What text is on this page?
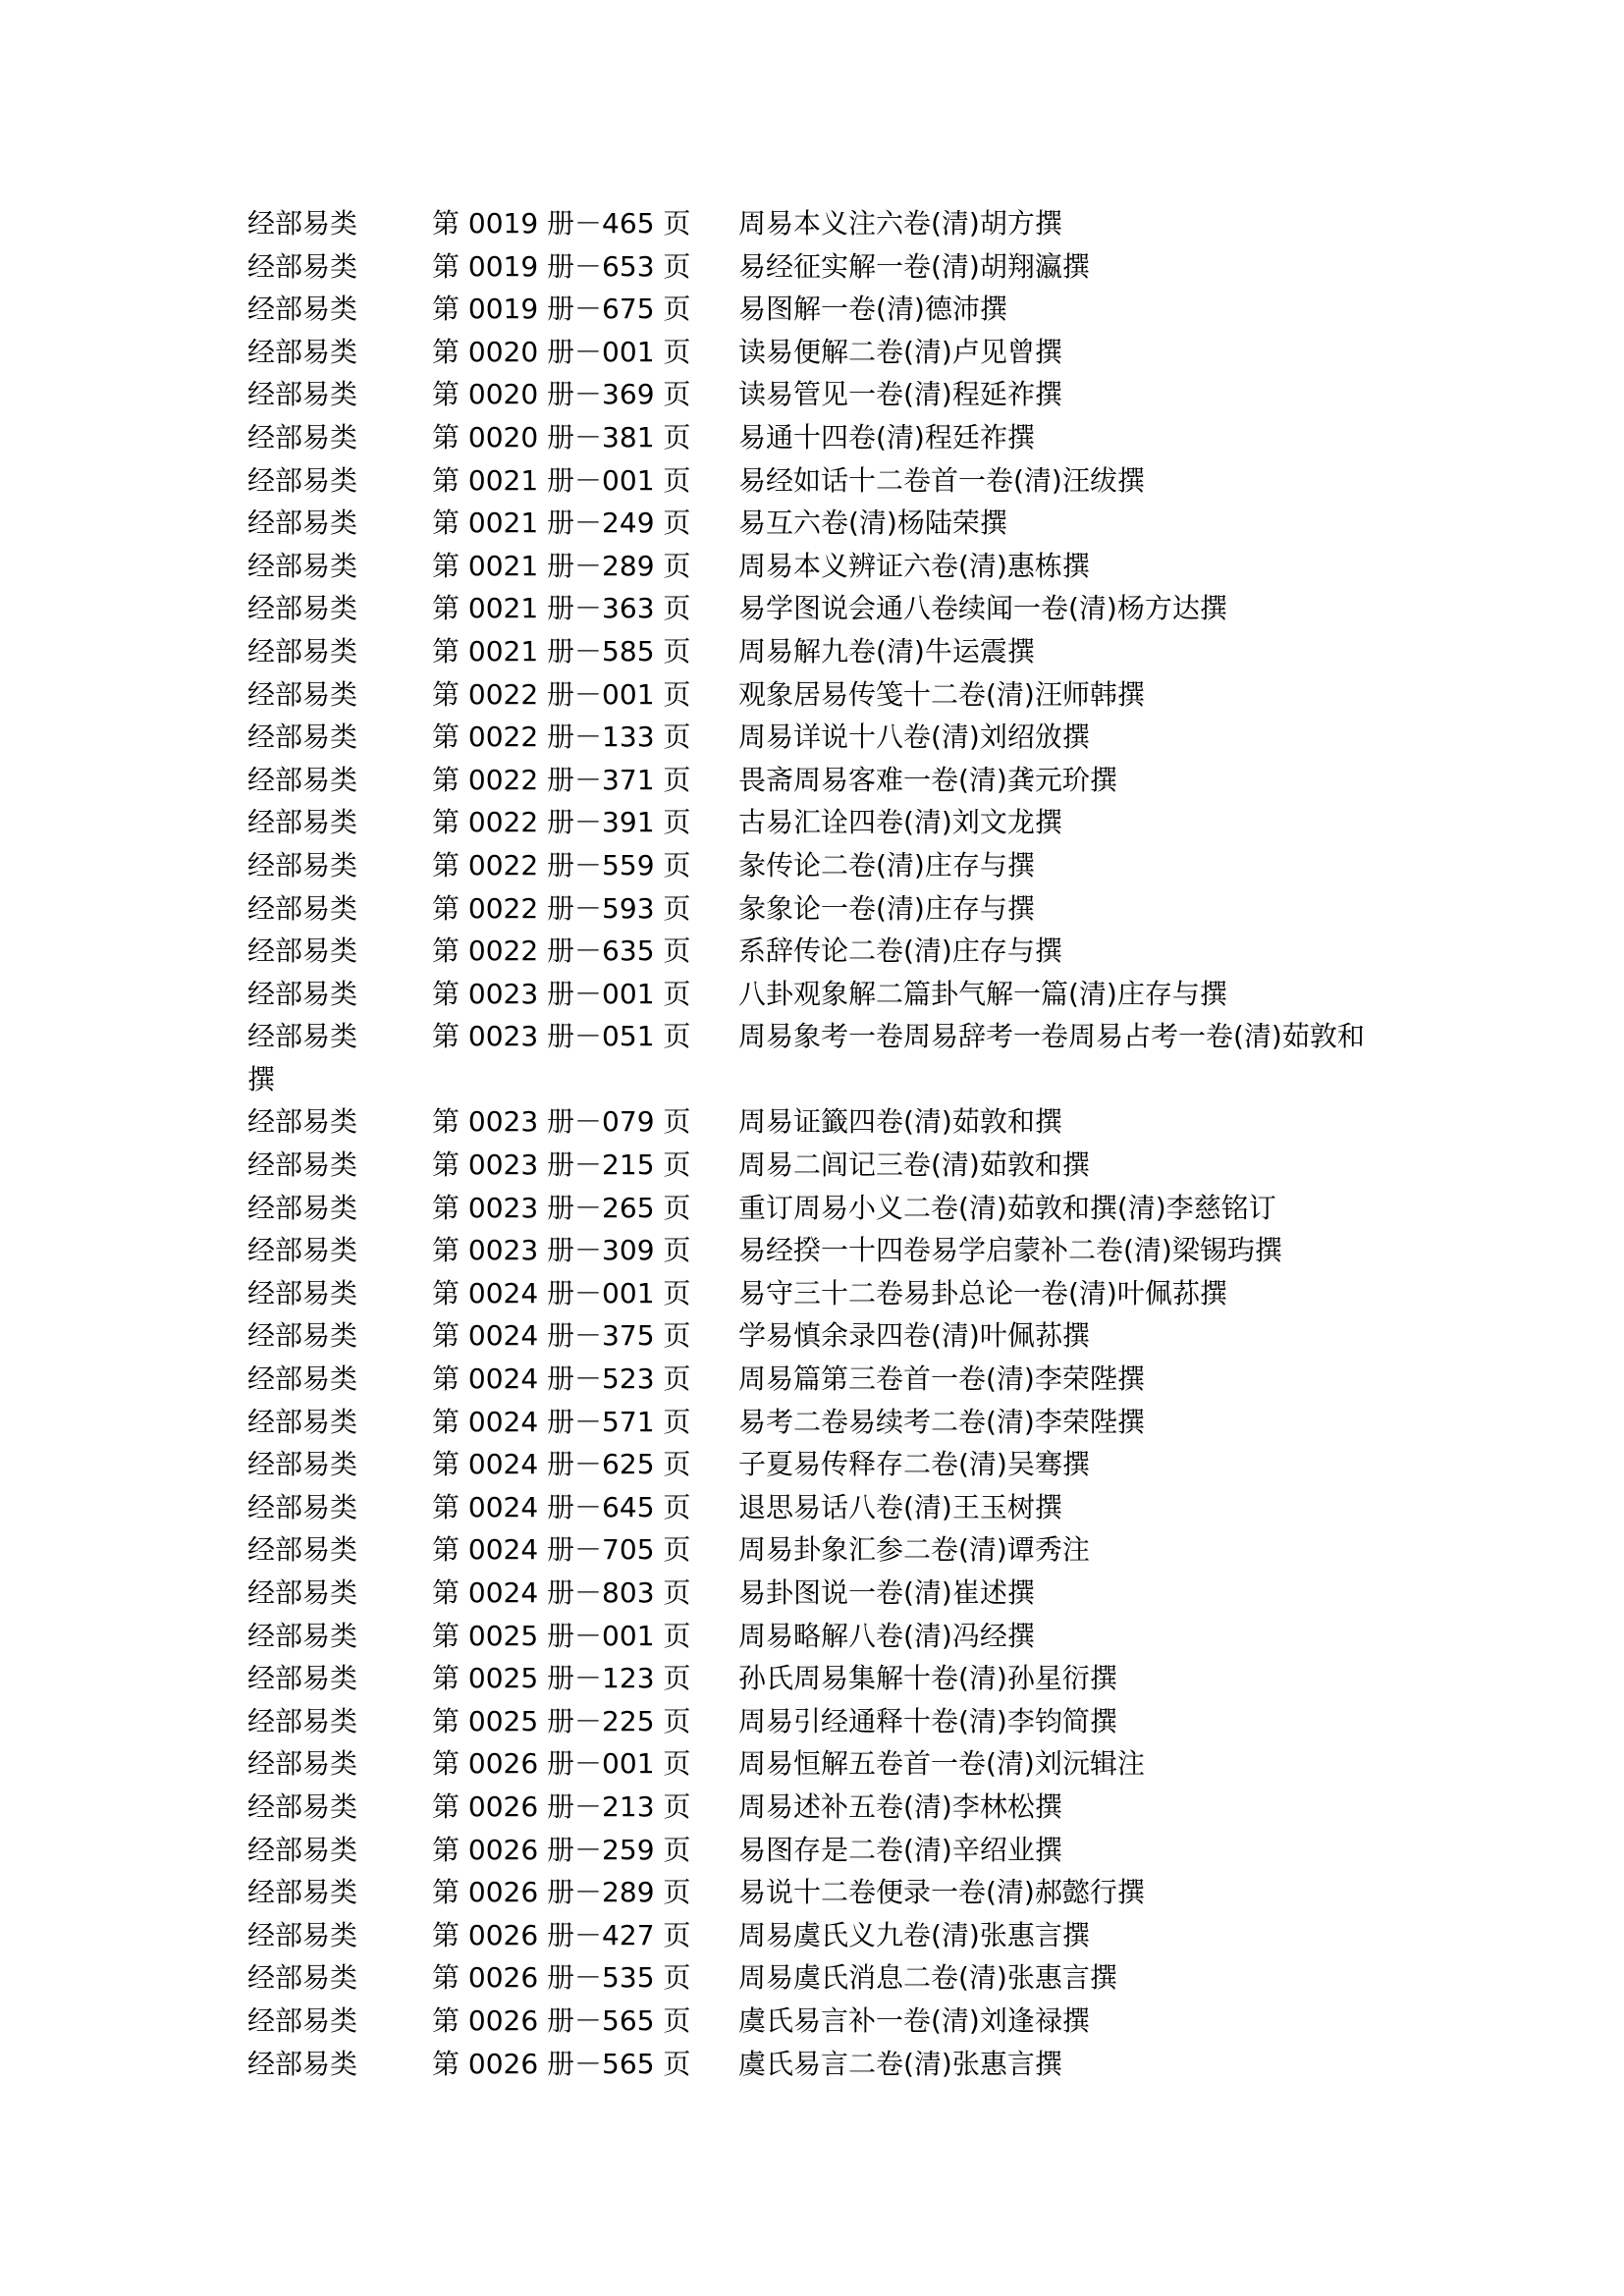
经部易类	第 0019 册－465 页 周易本义注六卷(清)胡方撰
经部易类	第 0019 册－653 页 易经征实解一卷(清)胡翔瀛撰
经部易类	第 0019 册－675 页 易图解一卷(清)德沛撰
经部易类	第 0020 册－001 页 读易便解二卷(清)卢见曾撰
经部易类	第 0020 册－369 页 读易管见一卷(清)程延祚撰
经部易类	第 0020 册－381 页 易通十四卷(清)程廷祚撰
经部易类	第 0021 册－001 页 易经如话十二卷首一卷(清)汪绂撰
经部易类	第 0021 册－249 页 易互六卷(清)杨陆荣撰
经部易类	第 0021 册－289 页 周易本义辨证六卷(清)惠栋撰
经部易类	第 0021 册－363 页 易学图说会通八卷续闻一卷(清)杨方达撰
经部易类	第 0021 册－585 页 周易解九卷(清)牛运震撰
经部易类	第 0022 册－001 页 观象居易传笺十二卷(清)汪师韩撰
经部易类	第 0022 册－133 页 周易详说十八卷(清)刘绍攽撰
经部易类	第 0022 册－371 页 畏斋周易客难一卷(清)龚元玠撰
经部易类	第 0022 册－391 页 古易汇诠四卷(清)刘文龙撰
经部易类	第 0022 册－559 页 彖传论二卷(清)庄存与撰
经部易类	第 0022 册－593 页 彖象论一卷(清)庄存与撰
经部易类	第 0022 册－635 页 系辞传论二卷(清)庄存与撰
经部易类	第 0023 册－001 页 八卦观象解二篇卦气解一篇(清)庄存与撰
经部易类	第 0023 册－051 页 周易象考一卷周易辞考一卷周易占考一卷(清)茹敦和
撰
经部易类	第 0023 册－079 页 周易证籤四卷(清)茹敦和撰
经部易类	第 0023 册－215 页 周易二闾记三卷(清)茹敦和撰
经部易类	第 0023 册－265 页 重订周易小义二卷(清)茹敦和撰(清)李慈铭订
经部易类	第 0023 册－309 页 易经揆一十四卷易学启蒙补二卷(清)梁锡玙撰
经部易类	第 0024 册－001 页 易守三十二卷易卦总论一卷(清)叶佩荪撰
经部易类	第 0024 册－375 页 学易慎余录四卷(清)叶佩荪撰
经部易类	第 0024 册－523 页 周易篇第三卷首一卷(清)李荣陛撰
经部易类	第 0024 册－571 页 易考二卷易续考二卷(清)李荣陛撰
经部易类	第 0024 册－625 页 子夏易传释存二卷(清)吴骞撰
经部易类	第 0024 册－645 页 退思易话八卷(清)王玉树撰
经部易类	第 0024 册－705 页 周易卦象汇参二卷(清)谭秀注
经部易类	第 0024 册－803 页 易卦图说一卷(清)崔述撰
经部易类	第 0025 册－001 页 周易略解八卷(清)冯经撰
经部易类	第 0025 册－123 页 孙氏周易集解十卷(清)孙星衍撰
经部易类	第 0025 册－225 页 周易引经通释十卷(清)李钧简撰
经部易类	第 0026 册－001 页 周易恒解五卷首一卷(清)刘沅辑注
经部易类	第 0026 册－213 页 周易述补五卷(清)李林松撰
经部易类	第 0026 册－259 页 易图存是二卷(清)辛绍业撰
经部易类	第 0026 册－289 页 易说十二卷便录一卷(清)郝懿行撰
经部易类	第 0026 册－427 页 周易虞氏义九卷(清)张惠言撰
经部易类	第 0026 册－535 页 周易虞氏消息二卷(清)张惠言撰
经部易类	第 0026 册－565 页 虞氏易言补一卷(清)刘逢禄撰
经部易类	第 0026 册－565 页 虞氏易言二卷(清)张惠言撰
